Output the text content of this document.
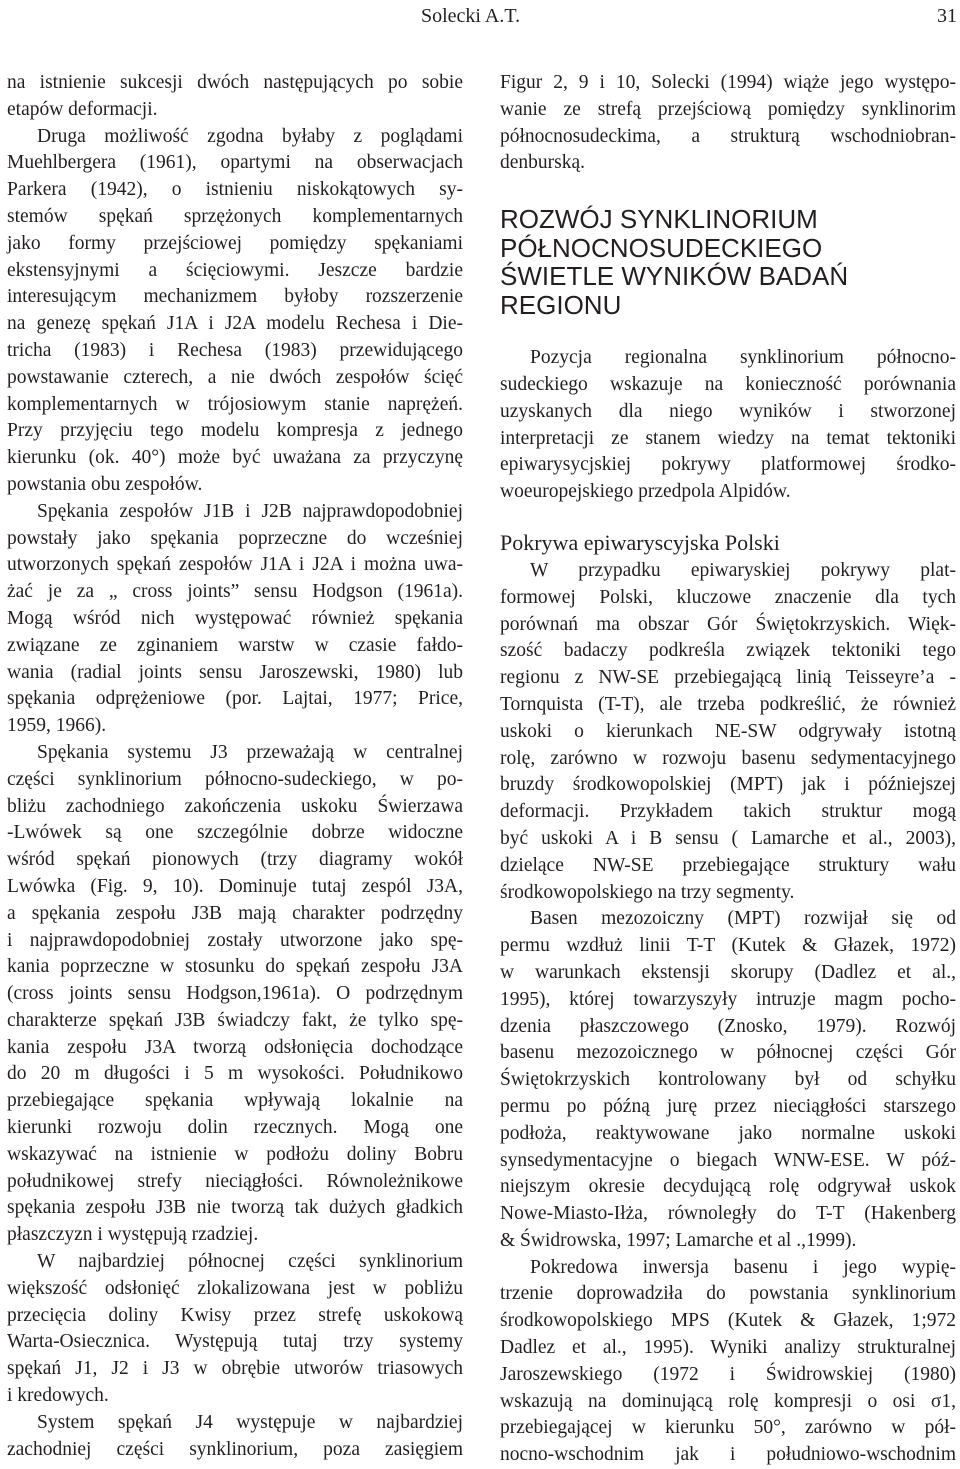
Solecki A.T.	31
na istnienie sukcesji dwóch następujących po sobie
etapów deformacji.
Druga możliwość zgodna byłaby z poglądami
Muehlbergera (1961), opartymi na obserwacjach
Parkera (1942), o istnieniu niskokątowych sy-
stemów spękań sprzężonych komplementarnych
jako formy przejściowej pomiędzy spękaniami
ekstensyjnymi a ścięciowymi. Jeszcze bardzie
interesującym mechanizmem byłoby rozszerzenie
na genezę spękań J1A i J2A modelu Rechesa i Die-
tricha (1983) i Rechesa (1983) przewidującego
powstawanie czterech, a nie dwóch zespołów ścięć
komplementarnych w trójosiowym stanie naprężeń.
Przy przyjęciu tego modelu kompresja z jednego
kierunku (ok. 40°) może być uważana za przyczynę
powstania obu zespołów.
Spękania zespołów J1B i J2B najprawdopodobniej
powstały jako spękania poprzeczne do wcześniej
utworzonych spękań zespołów J1A i J2A i można uwa-
żać je za „ cross joints” sensu Hodgson (1961a).
Mogą wśród nich występować również spękania
związane ze zginaniem warstw w czasie fałdo-
wania (radial joints sensu Jaroszewski, 1980) lub
spękania odprężeniowe (por. Lajtai, 1977; Price,
1959, 1966).
Spękania systemu J3 przeważają w centralnej
części synklinorium północno-sudeckiego, w po-
bliżu zachodniego zakończenia uskoku Świerzawa
-Lwówek są one szczególnie dobrze widoczne
wśród spękań pionowych (trzy diagramy wokół
Lwówka (Fig. 9, 10). Dominuje tutaj zespól J3A,
a spękania zespołu J3B mają charakter podrzędny
i najprawdopodobniej zostały utworzone jako spę-
kania poprzeczne w stosunku do spękań zespołu J3A
(cross joints sensu Hodgson,1961a). O podrzędnym
charakterze spękań J3B świadczy fakt, że tylko spę-
kania zespołu J3A tworzą odsłonięcia dochodzące
do 20 m długości i 5 m wysokości. Południkowo
przebiegające spękania wpływają lokalnie na
kierunki rozwoju dolin rzecznych. Mogą one
wskazywać na istnienie w podłożu doliny Bobru
południkowej strefy nieciągłości. Równoleżnikowe
spękania zespołu J3B nie tworzą tak dużych gładkich
płaszczyzn i występują rzadziej.
W najbardziej północnej części synklinorium
większość odsłonięć zlokalizowana jest w pobliżu
przecięcia doliny Kwisy przez strefę uskokową
Warta-Osiecznica. Występują tutaj trzy systemy
spękań J1, J2 i J3 w obrębie utworów triasowych
i kredowych.
System spękań J4 występuje w najbardziej
zachodniej części synklinorium, poza zasięgiem
Figur 2, 9 i 10, Solecki (1994) wiąże jego występo-
wanie ze strefą przejściową pomiędzy synklinorim
północnosudeckima, a strukturą wschodniobran-
denburską.
ROZWÓJ SYNKLINORIUM
PÓŁNOCNOSUDECKIEGO
ŚWIETLE WYNIKÓW BADAŃ
REGIONU
Pozycja regionalna synklinorium północno-
sudeckiego wskazuje na konieczność porównania
uzyskanych dla niego wyników i stworzonej
interpretacji ze stanem wiedzy na temat tektoniki
epiwarysycjskiej pokrywy platformowej środko-
woeuropejskiego przedpola Alpidów.
Pokrywa epiwaryscyjska Polski
W przypadku epiwaryskiej pokrywy plat-
formowej Polski, kluczowe znaczenie dla tych
porównań ma obszar Gór Świętokrzyskich. Więk-
szość badaczy podkreśla związek tektoniki tego
regionu z NW-SE przebiegającą linią Teisseyre’a -
Tornquista (T-T), ale trzeba podkreślić, że również
uskoki o kierunkach NE-SW odgrywały istotną
rolę, zarówno w rozwoju basenu sedymentacyjnego
bruzdy środkowopolskiej (MPT) jak i późniejszej
deformacji. Przykładem takich struktur mogą
być uskoki A i B sensu ( Lamarche et al., 2003),
dzielące NW-SE przebiegające struktury wału
środkowopolskiego na trzy segmenty.
Basen mezozoiczny (MPT) rozwijał się od
permu wzdłuż linii T-T (Kutek & Głazek, 1972)
w warunkach ekstensji skorupy (Dadlez et al.,
1995), której towarzyszyły intruzje magm pocho-
dzenia płaszczowego (Znosko, 1979). Rozwój
basenu mezozoicznego w północnej części Gór
Świętokrzyskich kontrolowany był od schyłku
permu po późną jurę przez nieciągłości starszego
podłoża, reaktywowane jako normalne uskoki
synsedymentacyjne o biegach WNW-ESE. W póź-
niejszym okresie decydującą rolę odgrywał uskok
Nowe-Miasto-Iłża, równoległy do T-T (Hakenberg
& Świdrowska, 1997; Lamarche et al .,1999).
Pokredowa inwersja basenu i jego wypię-
trzenie doprowadziła do powstania synklinorium
środkowopolskiego MPS (Kutek & Głazek, 1;972
Dadlez et al., 1995). Wyniki analizy strukturalnej
Jaroszewskiego (1972 i Świdrowskiej (1980)
wskazują na dominującą rolę kompresji o osi σ1,
przebiegającej w kierunku 50°, zarówno w pół-
nocno-wschodnim jak i południowo-wschodnim
